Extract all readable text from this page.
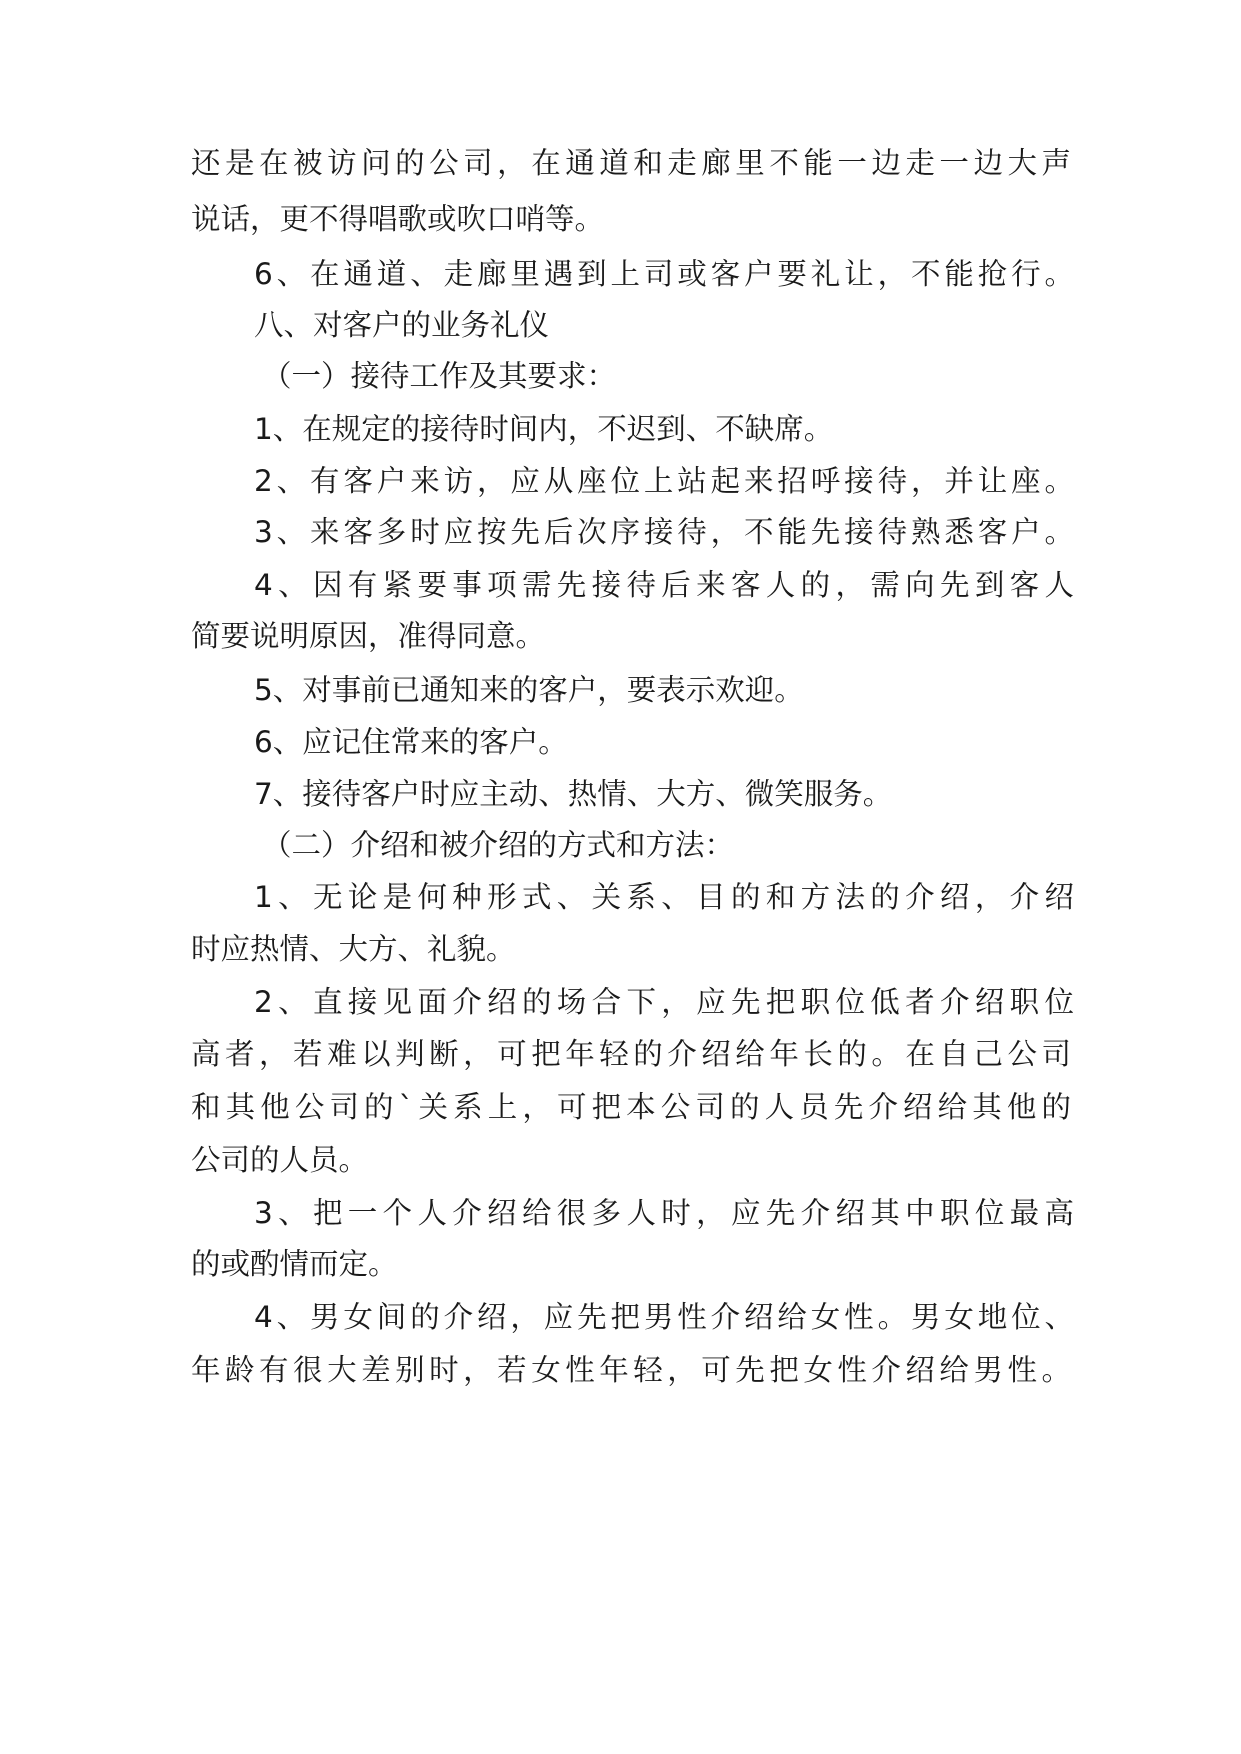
还是在被访问的公司，在通道和走廊里不能一边走一边大声
说话，更不得唱歌或吹口哨等。
6、在通道、走廊里遇到上司或客户要礼让，不能抢行。
八、对客户的业务礼仪
（一）接待工作及其要求：
1、在规定的接待时间内，不迟到、不缺席。
2、有客户来访，应从座位上站起来招呼接待，并让座。
3、来客多时应按先后次序接待，不能先接待熟悉客户。
4、因有紧要事项需先接待后来客人的，需向先到客人
简要说明原因，准得同意。
5、对事前已通知来的客户，要表示欢迎。
6、应记住常来的客户。
7、接待客户时应主动、热情、大方、微笑服务。
（二）介绍和被介绍的方式和方法：
1、无论是何种形式、关系、目的和方法的介绍，介绍
时应热情、大方、礼貌。
2、直接见面介绍的场合下，应先把职位低者介绍职位
高者，若难以判断，可把年轻的介绍给年长的。在自己公司
和其他公司的`关系上，可把本公司的人员先介绍给其他的
公司的人员。
3、把一个人介绍给很多人时，应先介绍其中职位最高
的或酌情而定。
4、男女间的介绍，应先把男性介绍给女性。男女地位、
年龄有很大差别时，若女性年轻，可先把女性介绍给男性。
